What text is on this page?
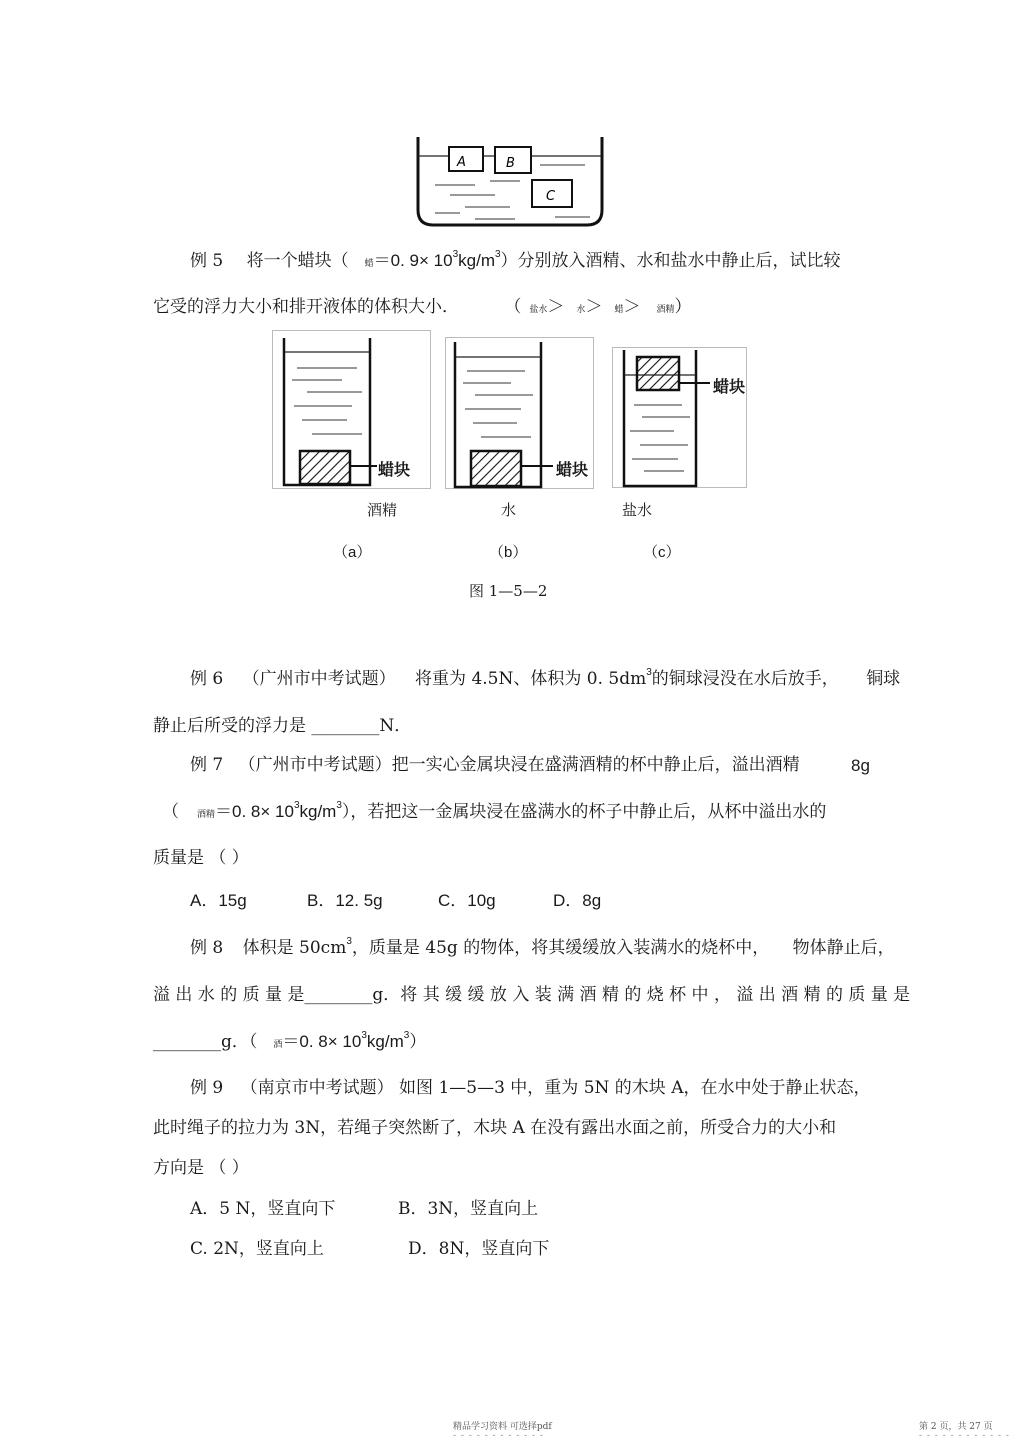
A	B
C
例 5 将一个蜡块（ 蜡＝0. $9\times 10^3kg/m^3$）分别放入酒精、水和盐水中静止后，试比较
它受的浮力大小和排开液体的体积大小．	（ 盐水＞ 水＞ 蜡＞ 酒精）
蜡块	蜡块
蜡块
酒精	水	盐水
（a）	（b）	（c）
图 1—5—2
例 6 （广州市中考试题） 将重为 4.5N、体积为 0. $5dm^3$的铜球浸没在水后放手， 铜球
静止后所受的浮力是 ________N．
例 7 （广州市中考试题）把一实心金属块浸在盛满酒精的杯中静止后，溢出酒精	8g
（ 酒精＝0. $8\times 10^3kg/m^3$），若把这一金属块浸在盛满水的杯子中静止后，从杯中溢出水的
质量是 （ ）
A．15g	B．12. 5g	C．10g	D．8g
例 8 体积是 $50cm^3$，质量是 45g 的物体，将其缓缓放入装满水的烧杯中， 物体静止后，
溢 出 水 的 质 量 是________g．将 其 缓 缓 放 入 装 满 酒 精 的 烧 杯 中 ， 溢 出 酒 精 的 质 量 是
________g．（ 酒＝0. $8\times 10^3kg/m^3$）
例 9 （南京市中考试题） 如图 1—5—3 中，重为 5N 的木块 A，在水中处于静止状态，
此时绳子的拉力为 3N，若绳子突然断了，木块 A 在没有露出水面之前，所受合力的大小和
方向是 （ ）
A．5 N，竖直向下	B．3N，竖直向上
C. 2N，竖直向上	D．8N，竖直向下
精品学习资料 可选择pdf
- - - - - - - - - - - -
第 2 页，共 27 页
- - - - - - - - - - - -
